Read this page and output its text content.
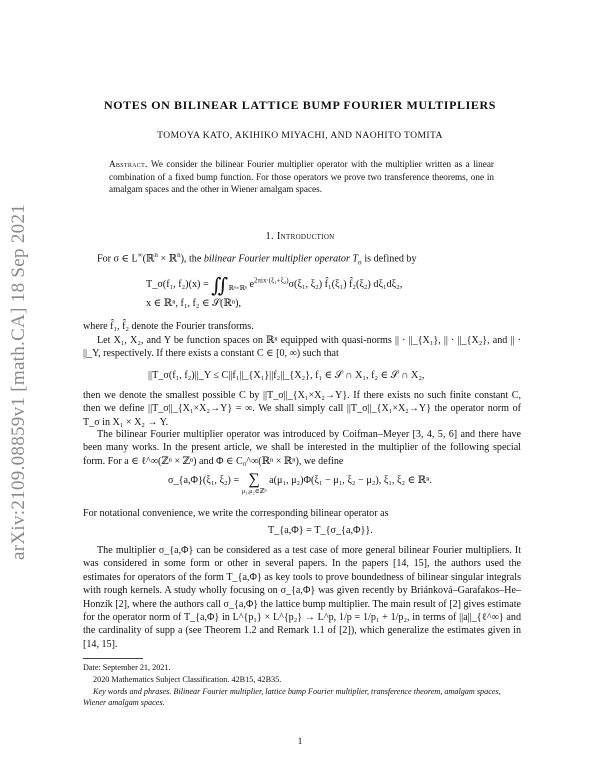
arXiv:2109.08859v1 [math.CA] 18 Sep 2021
NOTES ON BILINEAR LATTICE BUMP FOURIER MULTIPLIERS
TOMOYA KATO, AKIHIKO MIYACHI, AND NAOHITO TOMITA
Abstract. We consider the bilinear Fourier multiplier operator with the multiplier written as a linear combination of a fixed bump function. For those operators we prove two transference theorems, one in amalgam spaces and the other in Wiener amalgam spaces.
1. Introduction
For σ ∈ L∞(ℝ$^n$ × ℝ$^n$), the bilinear Fourier multiplier operator $T_\sigma$ is defined by
T_σ(f₁, $f_2)(x) = ∬_{ℝ^n\times ℝ^n}$ $e^{2\pi ix\cdot(\xi_1+\xi_2)}\sigma(\xi_1$, ξ₂) f̂₁(ξ₁) f̂₂(ξ₂) dξ₁dξ₂,
x ∈ ℝⁿ, f₁, f₂ ∈ 𝒮(ℝⁿ),
where f̂₁, f̂₂ denote the Fourier transforms.
Let X₁, X₂, and Y be function spaces on ℝⁿ equipped with quasi-norms || · ||_{X₁}, || · ||_{X₂}, and || · ||_Y, respectively. If there exists a constant C ∈ [0, ∞) such that
||T_σ(f₁, f₂)||_Y ≤ C||f₁||_{X₁}||f₂||_{X₂}, f₁ ∈ 𝒮 ∩ X₁, f₂ ∈ 𝒮 ∩ X₂,
then we denote the smallest possible C by ||T_σ||_{X₁×X₂→Y}. If there exists no such finite constant C, then we define ||T_σ||_{X₁×X₂→Y} = ∞. We shall simply call ||T_σ||_{X₁×X₂→Y} the operator norm of T_σ in X₁ × X₂ → Y.
The bilinear Fourier multiplier operator was introduced by Coifman–Meyer [3, 4, 5, 6] and there have been many works. In the present article, we shall be interested in the multiplier of the following special form. For a ∈ ℓ^∞(ℤⁿ × ℤⁿ) and Φ ∈ C₀^∞(ℝⁿ × ℝⁿ), we define
σ_{a,Φ}(ξ₁, ξ₂) = ∑
μ₁,μ₂∈ℤⁿ
a(μ₁, μ₂)Φ(ξ₁ − μ₁, ξ₂ − μ₂), ξ₁, ξ₂ ∈ ℝⁿ.
For notational convenience, we write the corresponding bilinear operator as
T_{a,Φ} = T_{σ_{a,Φ}}.
The multiplier σ_{a,Φ} can be considered as a test case of more general bilinear Fourier multipliers. It was considered in some form or other in several papers. In the papers [14, 15], the authors used the estimates for operators of the form T_{a,Φ} as key tools to prove boundedness of bilinear singular integrals with rough kernels. A study wholly focusing on σ_{a,Φ} was given recently by Briánková–Garafakos–He–Honzík [2], where the authors call σ_{a,Φ} the lattice bump multiplier. The main result of [2] gives estimate for the operator norm of T_{a,Φ} in L^{p₁} × L^{p₂} → L^p, 1/p = 1/p₁ + 1/p₂, in terms of ||a||_{ℓ^∞} and the cardinality of supp a (see Theorem 1.2 and Remark 1.1 of [2]), which generalize the estimates given in [14, 15].
Date: September 21, 2021.
2020 Mathematics Subject Classification. 42B15, 42B35.
Key words and phrases. Bilinear Fourier multiplier, lattice bump Fourier multiplier, transference theorem, amalgam spaces, Wiener amalgam spaces.
1
